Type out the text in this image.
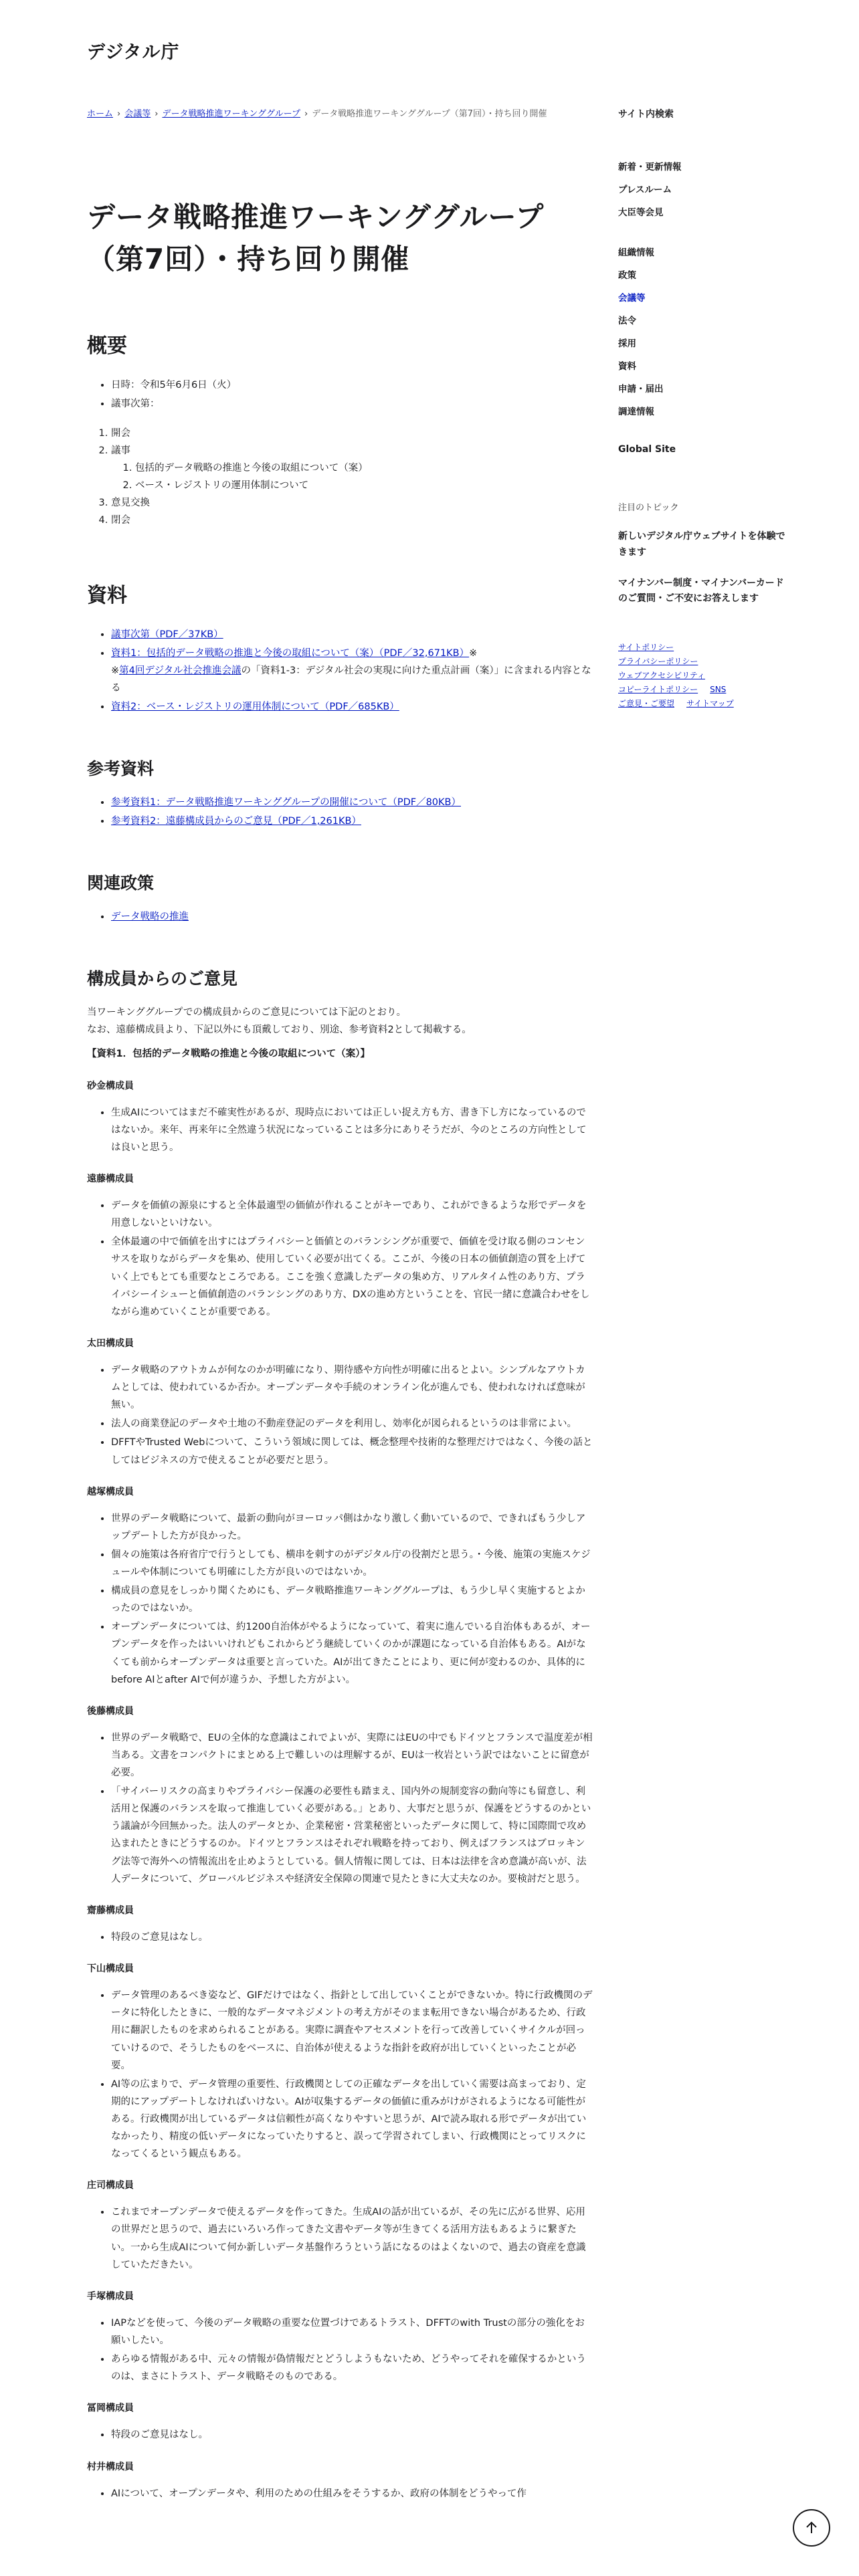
デジタル庁

ホーム › 会議等 › データ戦略推進ワーキンググループ › データ戦略推進ワーキンググループ（第7回）・持ち回り開催

データ戦略推進ワーキンググループ（第7回）・持ち回り開催
概要
• 日時：令和5年6月6日（火）
• 議事次第：
1. 開会
2. 議事
1. 包括的データ戦略の推進と今後の取組について（案）
2. ベース・レジストリの運用体制について
3. 意見交換
4. 閉会
資料
• 議事次第（PDF／37KB）
• 資料1：包括的データ戦略の推進と今後の取組について（案）（PDF／32,671KB）※
※第4回デジタル社会推進会議の「資料1-3：デジタル社会の実現に向けた重点計画（案）」に含まれる内容となる
• 資料2：ベース・レジストリの運用体制について（PDF／685KB）
参考資料
• 参考資料1：データ戦略推進ワーキンググループの開催について（PDF／80KB）
• 参考資料2：遠藤構成員からのご意見（PDF／1,261KB）
関連政策
• データ戦略の推進
構成員からのご意見

当ワーキンググループでの構成員からのご意見については下記のとおり。
なお、遠藤構成員より、下記以外にも頂戴しており、別途、参考資料2として掲載する。

【資料1．包括的データ戦略の推進と今後の取組について（案）】

砂金構成員

• 生成AIについてはまだ不確実性があるが、現時点においては正しい捉え方も方、書き下し方になっているのではないか。来年、再来年に全然違う状況になっていることは多分にありそうだが、今のところの方向性としては良いと思う。

遠藤構成員

• データを価値の源泉にすると全体最適型の価値が作れることがキーであり、これができるような形でデータを用意しないといけない。
• 全体最適の中で価値を出すにはプライバシーと価値とのバランシングが重要で、価値を受け取る側のコンセンサスを取りながらデータを集め、使用していく必要が出てくる。ここが、今後の日本の価値創造の質を上げていく上でもとても重要なところである。ここを強く意識したデータの集め方、リアルタイム性のあり方、プライバシーイシューと価値創造のバランシングのあり方、DXの進め方ということを、官民一緒に意識合わせをしながら進めていくことが重要である。

太田構成員

• データ戦略のアウトカムが何なのかが明確になり、期待感や方向性が明確に出るとよい。シンプルなアウトカムとしては、使われているか否か。オープンデータや手続のオンライン化が進んでも、使われなければ意味が無い。
• 法人の商業登記のデータや土地の不動産登記のデータを利用し、効率化が図られるというのは非常によい。
• DFFTやTrusted Webについて、こういう領域に関しては、概念整理や技術的な整理だけではなく、今後の話としてはビジネスの方で使えることが必要だと思う。

越塚構成員

• 世界のデータ戦略について、最新の動向がヨーロッパ側はかなり激しく動いているので、できればもう少しアップデートした方が良かった。
• 個々の施策は各府省庁で行うとしても、横串を刺すのがデジタル庁の役割だと思う。・今後、施策の実施スケジュールや体制についても明確にした方が良いのではないか。
• 構成員の意見をしっかり聞くためにも、データ戦略推進ワーキンググループは、もう少し早く実施するとよかったのではないか。
• オープンデータについては、約1200自治体がやるようになっていて、着実に進んでいる自治体もあるが、オープンデータを作ったはいいけれどもこれからどう継続していくのかが課題になっている自治体もある。AIがなくても前からオープンデータは重要と言っていた。AIが出てきたことにより、更に何が変わるのか、具体的にbefore AIとafter AIで何が違うか、予想した方がよい。

後藤構成員

• 世界のデータ戦略で、EUの全体的な意識はこれでよいが、実際にはEUの中でもドイツとフランスで温度差が相当ある。文書をコンパクトにまとめる上で難しいのは理解するが、EUは一枚岩という訳ではないことに留意が必要。
• 「サイバーリスクの高まりやプライバシー保護の必要性も踏まえ、国内外の規制変容の動向等にも留意し、利活用と保護のバランスを取って推進していく必要がある。」とあり、大事だと思うが、保護をどうするのかという議論が今回無かった。法人のデータとか、企業秘密・営業秘密といったデータに関して、特に国際間で攻め込まれたときにどうするのか。ドイツとフランスはそれぞれ戦略を持っており、例えばフランスはブロッキング法等で海外への情報流出を止めようとしている。個人情報に関しては、日本は法律を含め意識が高いが、法人データについて、グローバルビジネスや経済安全保障の関連で見たときに大丈夫なのか。要検討だと思う。

齋藤構成員

• 特段のご意見はなし。

下山構成員

• データ管理のあるべき姿など、GIFだけではなく、指針として出していくことができないか。特に行政機関のデータに特化したときに、一般的なデータマネジメントの考え方がそのまま転用できない場合があるため、行政用に翻訳したものを求められることがある。実際に調査やアセスメントを行って改善していくサイクルが回っていけるので、そうしたものをベースに、自治体が使えるような指針を政府が出していくといったことが必要。
• AI等の広まりで、データ管理の重要性、行政機関としての正確なデータを出していく需要は高まっており、定期的にアップデートしなければいけない。AIが収集するデータの価値に重みがけがされるようになる可能性がある。行政機関が出しているデータは信頼性が高くなりやすいと思うが、AIで読み取れる形でデータが出ていなかったり、精度の低いデータになっていたりすると、誤って学習されてしまい、行政機関にとってリスクになってくるという観点もある。

庄司構成員

• これまでオープンデータで使えるデータを作ってきた。生成AIの話が出ているが、その先に広がる世界、応用の世界だと思うので、過去にいろいろ作ってきた文書やデータ等が生きてくる活用方法もあるように繋ぎたい。一から生成AIについて何か新しいデータ基盤作ろうという話になるのはよくないので、過去の資産を意識していただきたい。

手塚構成員

• IAPなどを使って、今後のデータ戦略の重要な位置づけであるトラスト、DFFTのwith Trustの部分の強化をお願いしたい。
• あらゆる情報がある中、元々の情報が偽情報だとどうしようもないため、どうやってそれを確保するかというのは、まさにトラスト、データ戦略そのものである。

冨岡構成員

• 特段のご意見はなし。

村井構成員

• AIについて、オープンデータや、利用のための仕組みをそうするか、政府の体制をどうやって作
サイト内検索
新着・更新情報
プレスルーム
大臣等会見
組織情報
政策
会議等
法令
採用
資料
申請・届出
調達情報
Global Site
注目のトピック
新しいデジタル庁ウェブサイトを体験できます
マイナンバー制度・マイナンバーカードのご質問・ご不安にお答えします
サイトポリシー
プライバシーポリシー
ウェブアクセシビリティ
コピーライトポリシー SNS
ご意見・ご要望 サイトマップ
